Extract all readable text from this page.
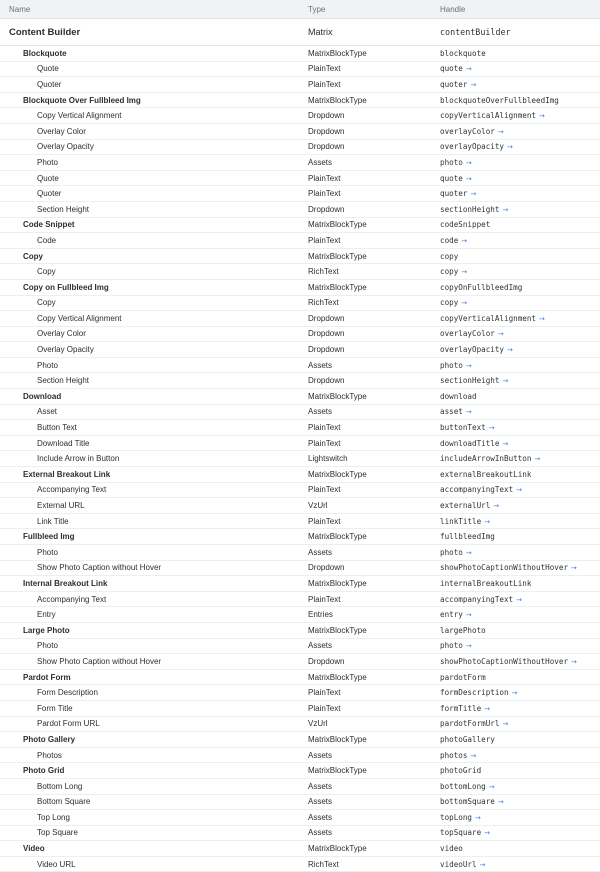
Name	Type	Handle
Content Builder	Matrix	contentBuilder
Blockquote	MatrixBlockType	blockquote
Quote	PlainText	quote →
Quoter	PlainText	quoter →
Blockquote Over Fullbleed Img	MatrixBlockType	blockquoteOverFullbleedImg
Copy Vertical Alignment	Dropdown	copyVerticalAlignment →
Overlay Color	Dropdown	overlayColor →
Overlay Opacity	Dropdown	overlayOpacity →
Photo	Assets	photo →
Quote	PlainText	quote →
Quoter	PlainText	quoter →
Section Height	Dropdown	sectionHeight →
Code Snippet	MatrixBlockType	codeSnippet
Code	PlainText	code →
Copy	MatrixBlockType	copy
Copy	RichText	copy →
Copy on Fullbleed Img	MatrixBlockType	copyOnFullbleedImg
Copy	RichText	copy →
Copy Vertical Alignment	Dropdown	copyVerticalAlignment →
Overlay Color	Dropdown	overlayColor →
Overlay Opacity	Dropdown	overlayOpacity →
Photo	Assets	photo →
Section Height	Dropdown	sectionHeight →
Download	MatrixBlockType	download
Asset	Assets	asset →
Button Text	PlainText	buttonText →
Download Title	PlainText	downloadTitle →
Include Arrow in Button	Lightswitch	includeArrowInButton →
External Breakout Link	MatrixBlockType	externalBreakoutLink
Accompanying Text	PlainText	accompanyingText →
External URL	VzUrl	externalUrl →
Link Title	PlainText	linkTitle →
Fullbleed Img	MatrixBlockType	fullbleedImg
Photo	Assets	photo →
Show Photo Caption without Hover	Dropdown	showPhotoCaptionWithoutHover →
Internal Breakout Link	MatrixBlockType	internalBreakoutLink
Accompanying Text	PlainText	accompanyingText →
Entry	Entries	entry →
Large Photo	MatrixBlockType	largePhoto
Photo	Assets	photo →
Show Photo Caption without Hover	Dropdown	showPhotoCaptionWithoutHover →
Pardot Form	MatrixBlockType	pardotForm
Form Description	PlainText	formDescription →
Form Title	PlainText	formTitle →
Pardot Form URL	VzUrl	pardotFormUrl →
Photo Gallery	MatrixBlockType	photoGallery
Photos	Assets	photos →
Photo Grid	MatrixBlockType	photoGrid
Bottom Long	Assets	bottomLong →
Bottom Square	Assets	bottomSquare →
Top Long	Assets	topLong →
Top Square	Assets	topSquare →
Video	MatrixBlockType	video
Video URL	RichText	videoUrl →
